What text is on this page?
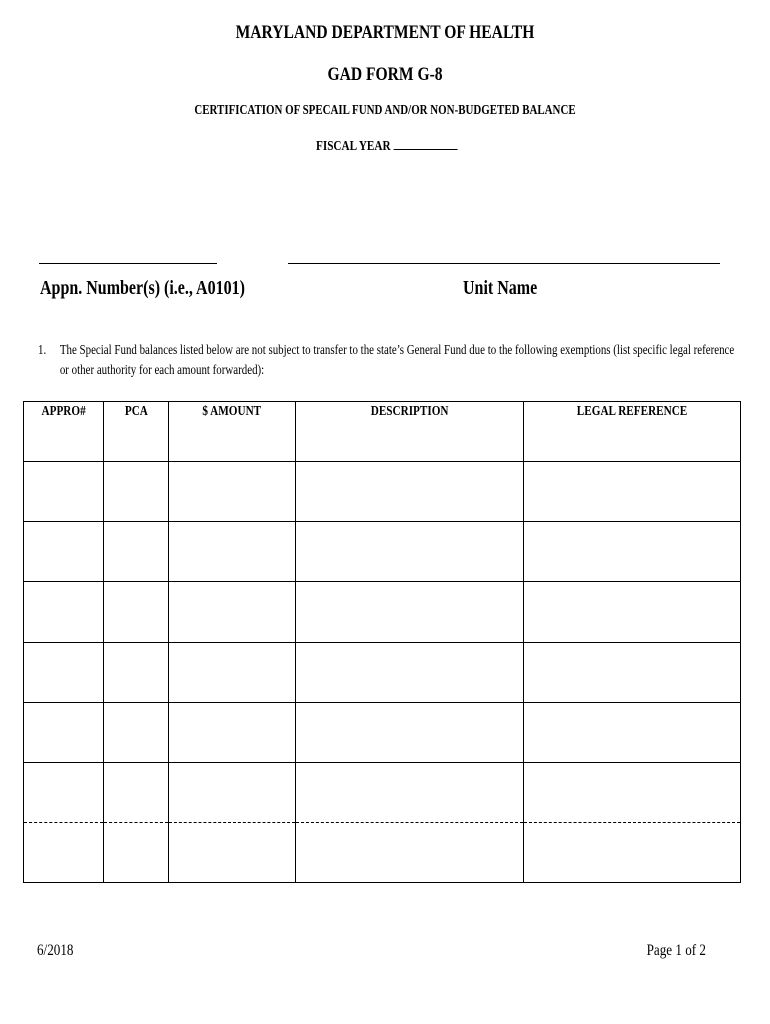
MARYLAND DEPARTMENT OF HEALTH
GAD FORM G-8
CERTIFICATION OF SPECAIL FUND AND/OR NON-BUDGETED BALANCE
FISCAL YEAR
Appn. Number(s) (i.e., A0101)	Unit Name
1. The Special Fund balances listed below are not subject to transfer to the state’s General Fund due to the following exemptions (list specific legal reference or other authority for each amount forwarded):
APPRO#	PCA	$ AMOUNT	DESCRIPTION	LEGAL REFERENCE

6/2018	Page 1 of 2
